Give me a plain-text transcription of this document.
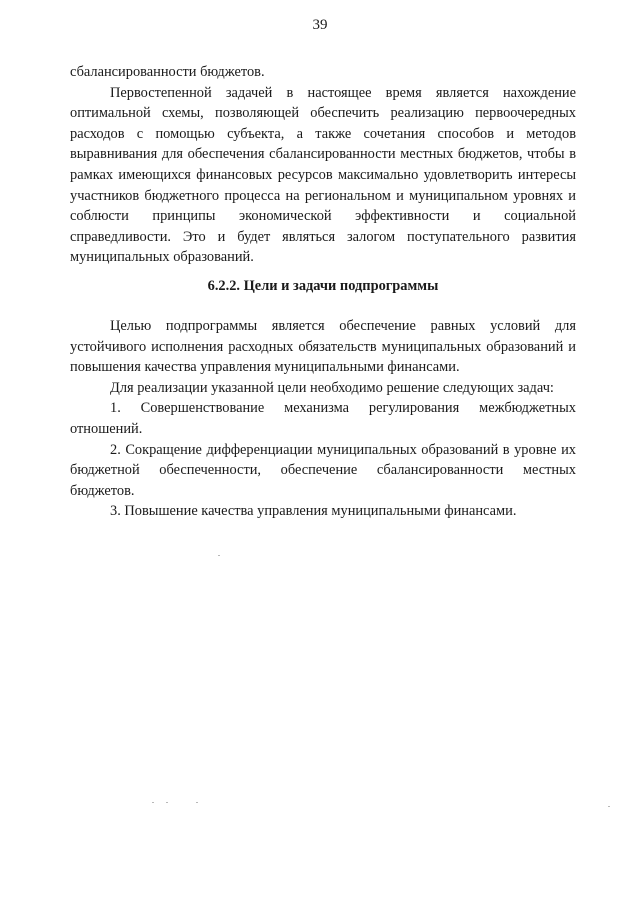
39

сбалансированности бюджетов.

Первостепенной задачей в настоящее время является нахождение оптимальной схемы, позволяющей обеспечить реализацию первоочередных расходов с помощью субъекта, а также сочетания способов и методов выравнивания для обеспечения сбалансированности местных бюджетов, чтобы в рамках имеющихся финансовых ресурсов максимально удовлетворить интересы участников бюджетного процесса на региональном и муниципальном уровнях и соблюсти принципы экономической эффективности и социальной справедливости. Это и будет являться залогом поступательного развития муниципальных образований.

6.2.2. Цели и задачи подпрограммы

Целью подпрограммы является обеспечение равных условий для устойчивого исполнения расходных обязательств муниципальных образований и повышения качества управления муниципальными финансами.

Для реализации указанной цели необходимо решение следующих задач:

1. Совершенствование механизма регулирования межбюджетных отношений.

2. Сокращение дифференциации муниципальных образований в уровне их бюджетной обеспеченности, обеспечение сбалансированности местных бюджетов.

3. Повышение качества управления муниципальными финансами.
